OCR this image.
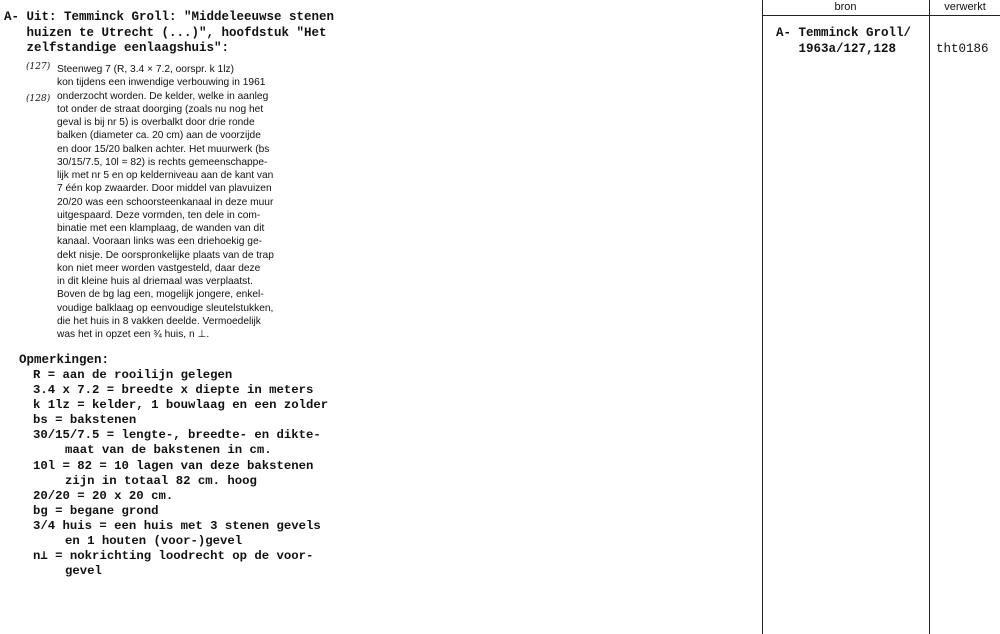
A- Uit: Temminck Groll: "Middeleeuwse stenen
huizen te Utrecht (...)", hoofdstuk "Het
zelfstandige eenlaagshuis":
(127)
(128)
Steenweg 7 (R, 3.4 × 7.2, oorspr. k 1lz)
kon tijdens een inwendige verbouwing in 1961
onderzocht worden. De kelder, welke in aanleg
tot onder de straat doorging (zoals nu nog het
geval is bij nr 5) is overbalkt door drie ronde
balken (diameter ca. 20 cm) aan de voorzijde
en door 15/20 balken achter. Het muurwerk (bs
30/15/7.5, 10l = 82) is rechts gemeenschappe-
lijk met nr 5 en op kelderniveau aan de kant van
7 één kop zwaarder. Door middel van plavuizen
20/20 was een schoorsteenkanaal in deze muur
uitgespaard. Deze vormden, ten dele in com-
binatie met een klamplaag, de wanden van dit
kanaal. Vooraan links was een driehoekig ge-
dekt nisje. De oorspronkelijke plaats van de trap
kon niet meer worden vastgesteld, daar deze
in dit kleine huis al driemaal was verplaatst.
Boven de bg lag een, mogelijk jongere, enkel-
voudige balklaag op eenvoudige sleutelstukken,
die het huis in 8 vakken deelde. Vermoedelijk
was het in opzet een ¾ huis, n ⊥.
Opmerkingen:
R = aan de rooilijn gelegen
3.4 x 7.2 = breedte x diepte in meters
k 1lz = kelder, 1 bouwlaag en een zolder
bs = bakstenen
30/15/7.5 = lengte-, breedte- en dikte-
maat van de bakstenen in cm.
10l = 82 = 10 lagen van deze bakstenen
zijn in totaal 82 cm. hoog
20/20 = 20 x 20 cm.
bg = begane grond
3/4 huis = een huis met 3 stenen gevels
en 1 houten (voor-)gevel
n⊥ = nokrichting loodrecht op de voor-
gevel
bron	verwerkt
A- Temminck Groll/
1963a/127,128	tht0186
